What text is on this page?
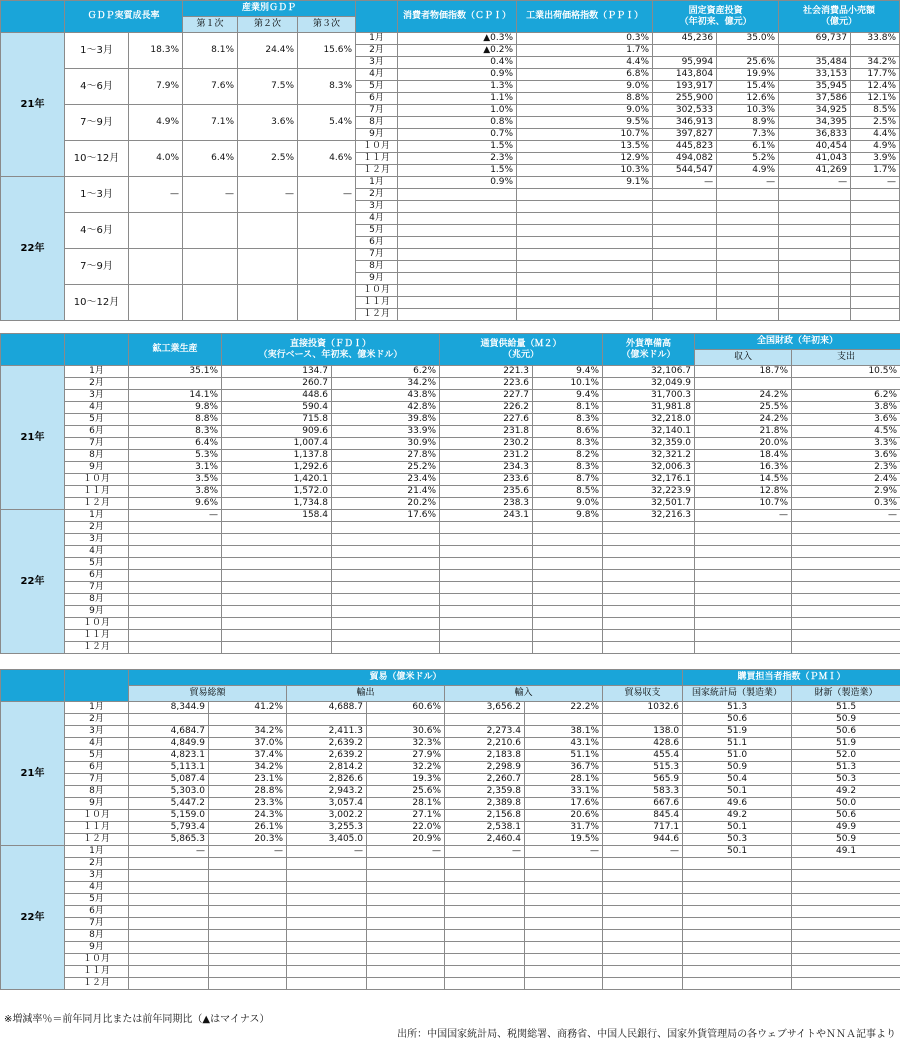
	ＧＤＰ実質成長率		産業別ＧＤＰ				消費者物価指数（ＣＰＩ）	工業出荷価格指数（ＰＰＩ）	固定資産投資
（年初来、億元）		社会消費品小売額
（億元）	
			第１次	第２次	第３次							
21年	1～3月	18.3%	8.1%	24.4%	15.6%	1月	▲0.3%	0.3%	45,236	35.0%	69,737	33.8%
						2月	▲0.2%	1.7%				
						3月	0.4%	4.4%	95,994	25.6%	35,484	34.2%
	4～6月	7.9%	7.6%	7.5%	8.3%	4月	0.9%	6.8%	143,804	19.9%	33,153	17.7%
						5月	1.3%	9.0%	193,917	15.4%	35,945	12.4%
						6月	1.1%	8.8%	255,900	12.6%	37,586	12.1%
	7～9月	4.9%	7.1%	3.6%	5.4%	7月	1.0%	9.0%	302,533	10.3%	34,925	8.5%
						8月	0.8%	9.5%	346,913	8.9%	34,395	2.5%
						9月	0.7%	10.7%	397,827	7.3%	36,833	4.4%
	10～12月	4.0%	6.4%	2.5%	4.6%	１０月	1.5%	13.5%	445,823	6.1%	40,454	4.9%
						１１月	2.3%	12.9%	494,082	5.2%	41,043	3.9%
						１２月	1.5%	10.3%	544,547	4.9%	41,269	1.7%
22年	1～3月	—	—	—	—	1月	0.9%	9.1%	—	—	—	—
						2月						
						3月						
	4～6月					4月						
						5月						
						6月						
	7～9月					7月						
						8月						
						9月						
	10～12月					１０月						
						１１月						
						１２月						
		鉱工業生産	直接投資（ＦＤＩ）
（実行ベース、年初来、億米ドル）		通貨供給量（Ｍ２）
（兆元）		外貨準備高
（億米ドル）	全国財政（年初来）	
								収入	支出
21年	1月	35.1%	134.7	6.2%	221.3	9.4%	32,106.7	18.7%	10.5%
	2月		260.7	34.2%	223.6	10.1%	32,049.9		
	3月	14.1%	448.6	43.8%	227.7	9.4%	31,700.3	24.2%	6.2%
	4月	9.8%	590.4	42.8%	226.2	8.1%	31,981.8	25.5%	3.8%
	5月	8.8%	715.8	39.8%	227.6	8.3%	32,218.0	24.2%	3.6%
	6月	8.3%	909.6	33.9%	231.8	8.6%	32,140.1	21.8%	4.5%
	7月	6.4%	1,007.4	30.9%	230.2	8.3%	32,359.0	20.0%	3.3%
	8月	5.3%	1,137.8	27.8%	231.2	8.2%	32,321.2	18.4%	3.6%
	9月	3.1%	1,292.6	25.2%	234.3	8.3%	32,006.3	16.3%	2.3%
	１０月	3.5%	1,420.1	23.4%	233.6	8.7%	32,176.1	14.5%	2.4%
	１１月	3.8%	1,572.0	21.4%	235.6	8.5%	32,223.9	12.8%	2.9%
	１２月	9.6%	1,734.8	20.2%	238.3	9.0%	32,501.7	10.7%	0.3%
22年	1月	—	158.4	17.6%	243.1	9.8%	32,216.3	—	—
	2月								
	3月								
	4月								
	5月								
	6月								
	7月								
	8月								
	9月								
	１０月								
	１１月								
	１２月								
		貿易（億米ドル）							購買担当者指数（ＰＭＩ）	
		貿易総額		輸出		輸入		貿易収支	国家統計局（製造業）	財新（製造業）
21年	1月	8,344.9	41.2%	4,688.7	60.6%	3,656.2	22.2%	1032.6	51.3	51.5
	2月								50.6	50.9
	3月	4,684.7	34.2%	2,411.3	30.6%	2,273.4	38.1%	138.0	51.9	50.6
	4月	4,849.9	37.0%	2,639.2	32.3%	2,210.6	43.1%	428.6	51.1	51.9
	5月	4,823.1	37.4%	2,639.2	27.9%	2,183.8	51.1%	455.4	51.0	52.0
	6月	5,113.1	34.2%	2,814.2	32.2%	2,298.9	36.7%	515.3	50.9	51.3
	7月	5,087.4	23.1%	2,826.6	19.3%	2,260.7	28.1%	565.9	50.4	50.3
	8月	5,303.0	28.8%	2,943.2	25.6%	2,359.8	33.1%	583.3	50.1	49.2
	9月	5,447.2	23.3%	3,057.4	28.1%	2,389.8	17.6%	667.6	49.6	50.0
	１０月	5,159.0	24.3%	3,002.2	27.1%	2,156.8	20.6%	845.4	49.2	50.6
	１１月	5,793.4	26.1%	3,255.3	22.0%	2,538.1	31.7%	717.1	50.1	49.9
	１２月	5,865.3	20.3%	3,405.0	20.9%	2,460.4	19.5%	944.6	50.3	50.9
22年	1月	—	—	—	—	—	—	—	50.1	49.1
	2月									
	3月									
	4月									
	5月									
	6月									
	7月									
	8月									
	9月									
	１０月									
	１１月									
	１２月									
※増減率％＝前年同月比または前年同期比（▲はマイナス）
出所：中国国家統計局、税関総署、商務省、中国人民銀行、国家外貨管理局の各ウェブサイトやＮＮＡ記事より
